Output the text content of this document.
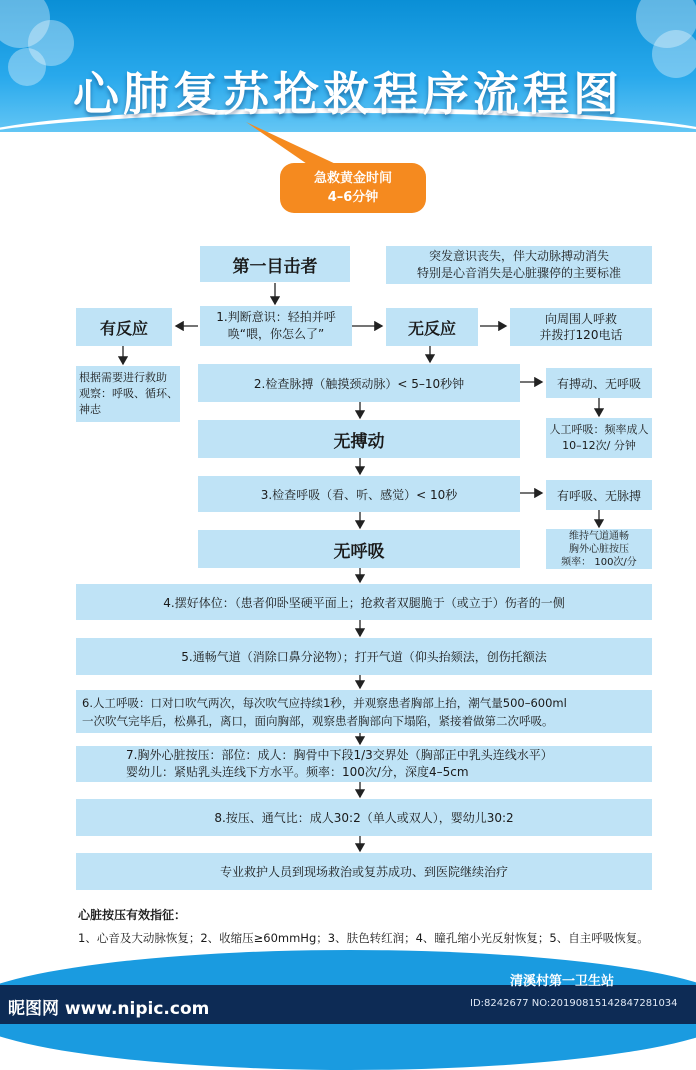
心肺复苏抢救程序流程图
急救黄金时间
4–6分钟
第一目击者
突发意识丧失，伴大动脉搏动消失
特别是心音消失是心脏骤停的主要标准
1.判断意识：轻拍并呼
唤“喂，你怎么了”
有反应
根据需要进行救助
观察：呼吸、循环、
神志
无反应	向周围人呼救
并拨打120电话
2.检查脉搏（触摸颈动脉）< 5–10秒钟	有搏动、无呼吸
人工呼吸：频率成人
10–12次/ 分钟
无搏动
3.检查呼吸（看、听、感觉）< 10秒	有呼吸、无脉搏
维持气道通畅
胸外心脏按压
频率： 100次/分
无呼吸
4.摆好体位：（患者仰卧坚硬平面上；抢救者双腿脆于（或立于）伤者的一侧
5.通畅气道（消除口鼻分泌物）；打开气道（仰头抬颏法，创伤托额法
6.人工呼吸：口对口吹气两次，每次吹气应持续1秒，并观察患者胸部上抬，潮气量500–600ml
一次吹气完毕后，松鼻孔，离口，面向胸部，观察患者胸部向下塌陷，紧接着做第二次呼吸。
7.胸外心脏按压：部位：成人：胸骨中下段1/3交界处（胸部正中乳头连线水平）
婴幼儿：紧贴乳头连线下方水平。频率：100次/分，深度4–5cm
8.按压、通气比：成人30:2（单人或双人），婴幼儿30:2
专业救护人员到现场救治或复苏成功、到医院继续治疗
心脏按压有效指征：
1、心音及大动脉恢复；2、收缩压≥60mmHg；3、肤色转红润；4、瞳孔缩小光反射恢复；5、自主呼吸恢复。
清溪村第一卫生站
昵图网 www.nipic.com	ID:8242677 NO:20190815142847281034
